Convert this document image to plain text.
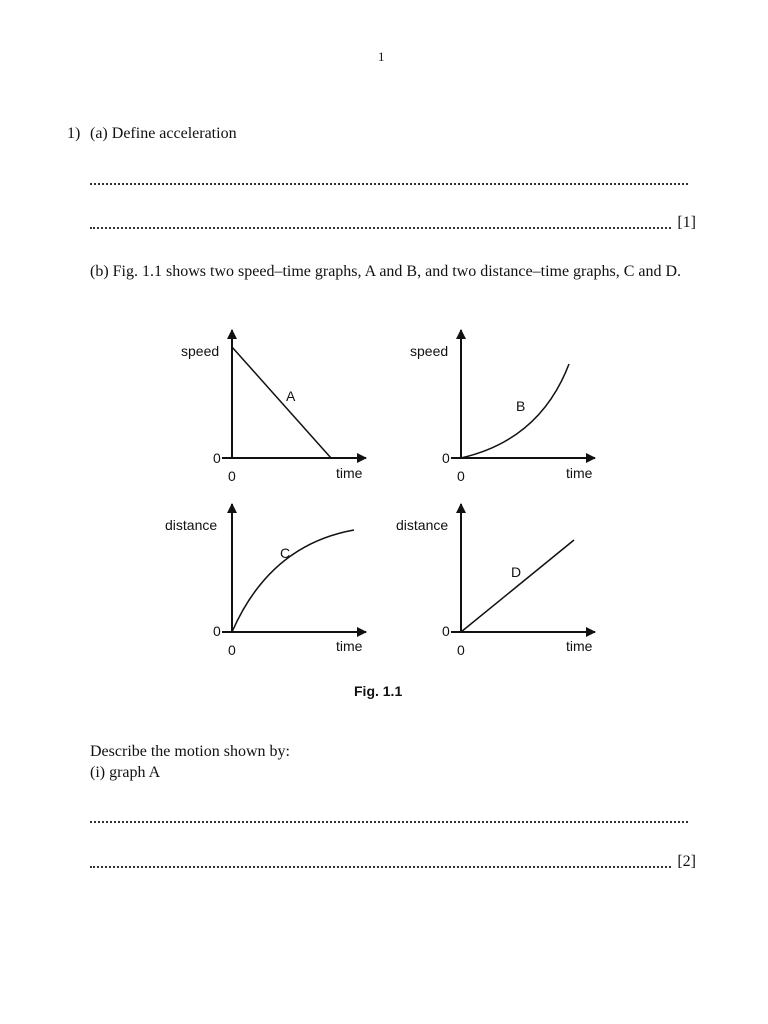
1
1) (a) Define acceleration
[1]
(b) Fig. 1.1 shows two speed–time graphs, A and B, and two distance–time graphs, C and D.
speed
time
0
0
A
speed
time
0
0
B
distance
time
0
0
C
distance
time
0
0
D
Fig. 1.1
Describe the motion shown by:
(i) graph A
[2]
